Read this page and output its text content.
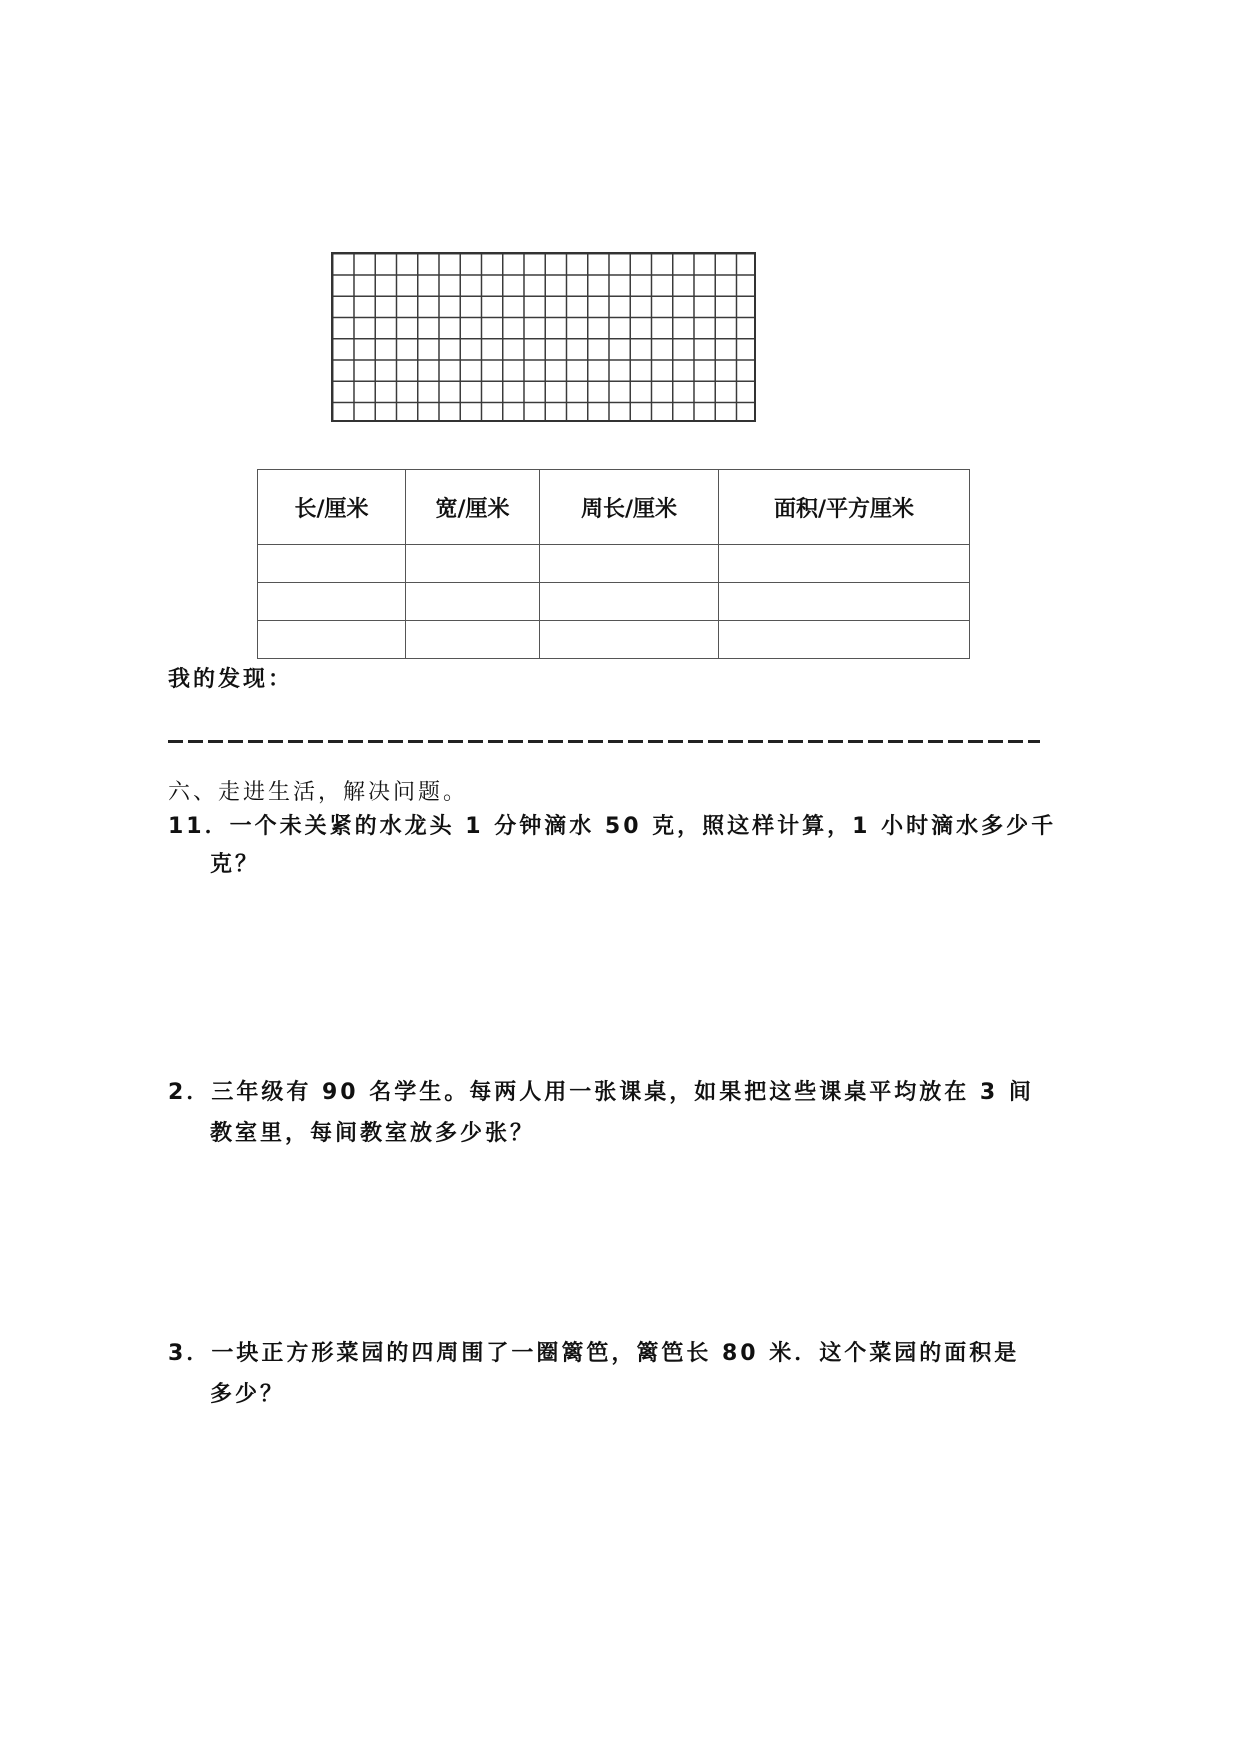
长/厘米	宽/厘米	周长/厘米	面积/平方厘米

我的发现：
六、走进生活，解决问题。
11．一个未关紧的水龙头 1 分钟滴水 50 克，照这样计算，1 小时滴水多少千
克？
2．三年级有 90 名学生。每两人用一张课桌，如果把这些课桌平均放在 3 间
教室里，每间教室放多少张？
3．一块正方形菜园的四周围了一圈篱笆，篱笆长 80 米．这个菜园的面积是
多少？
